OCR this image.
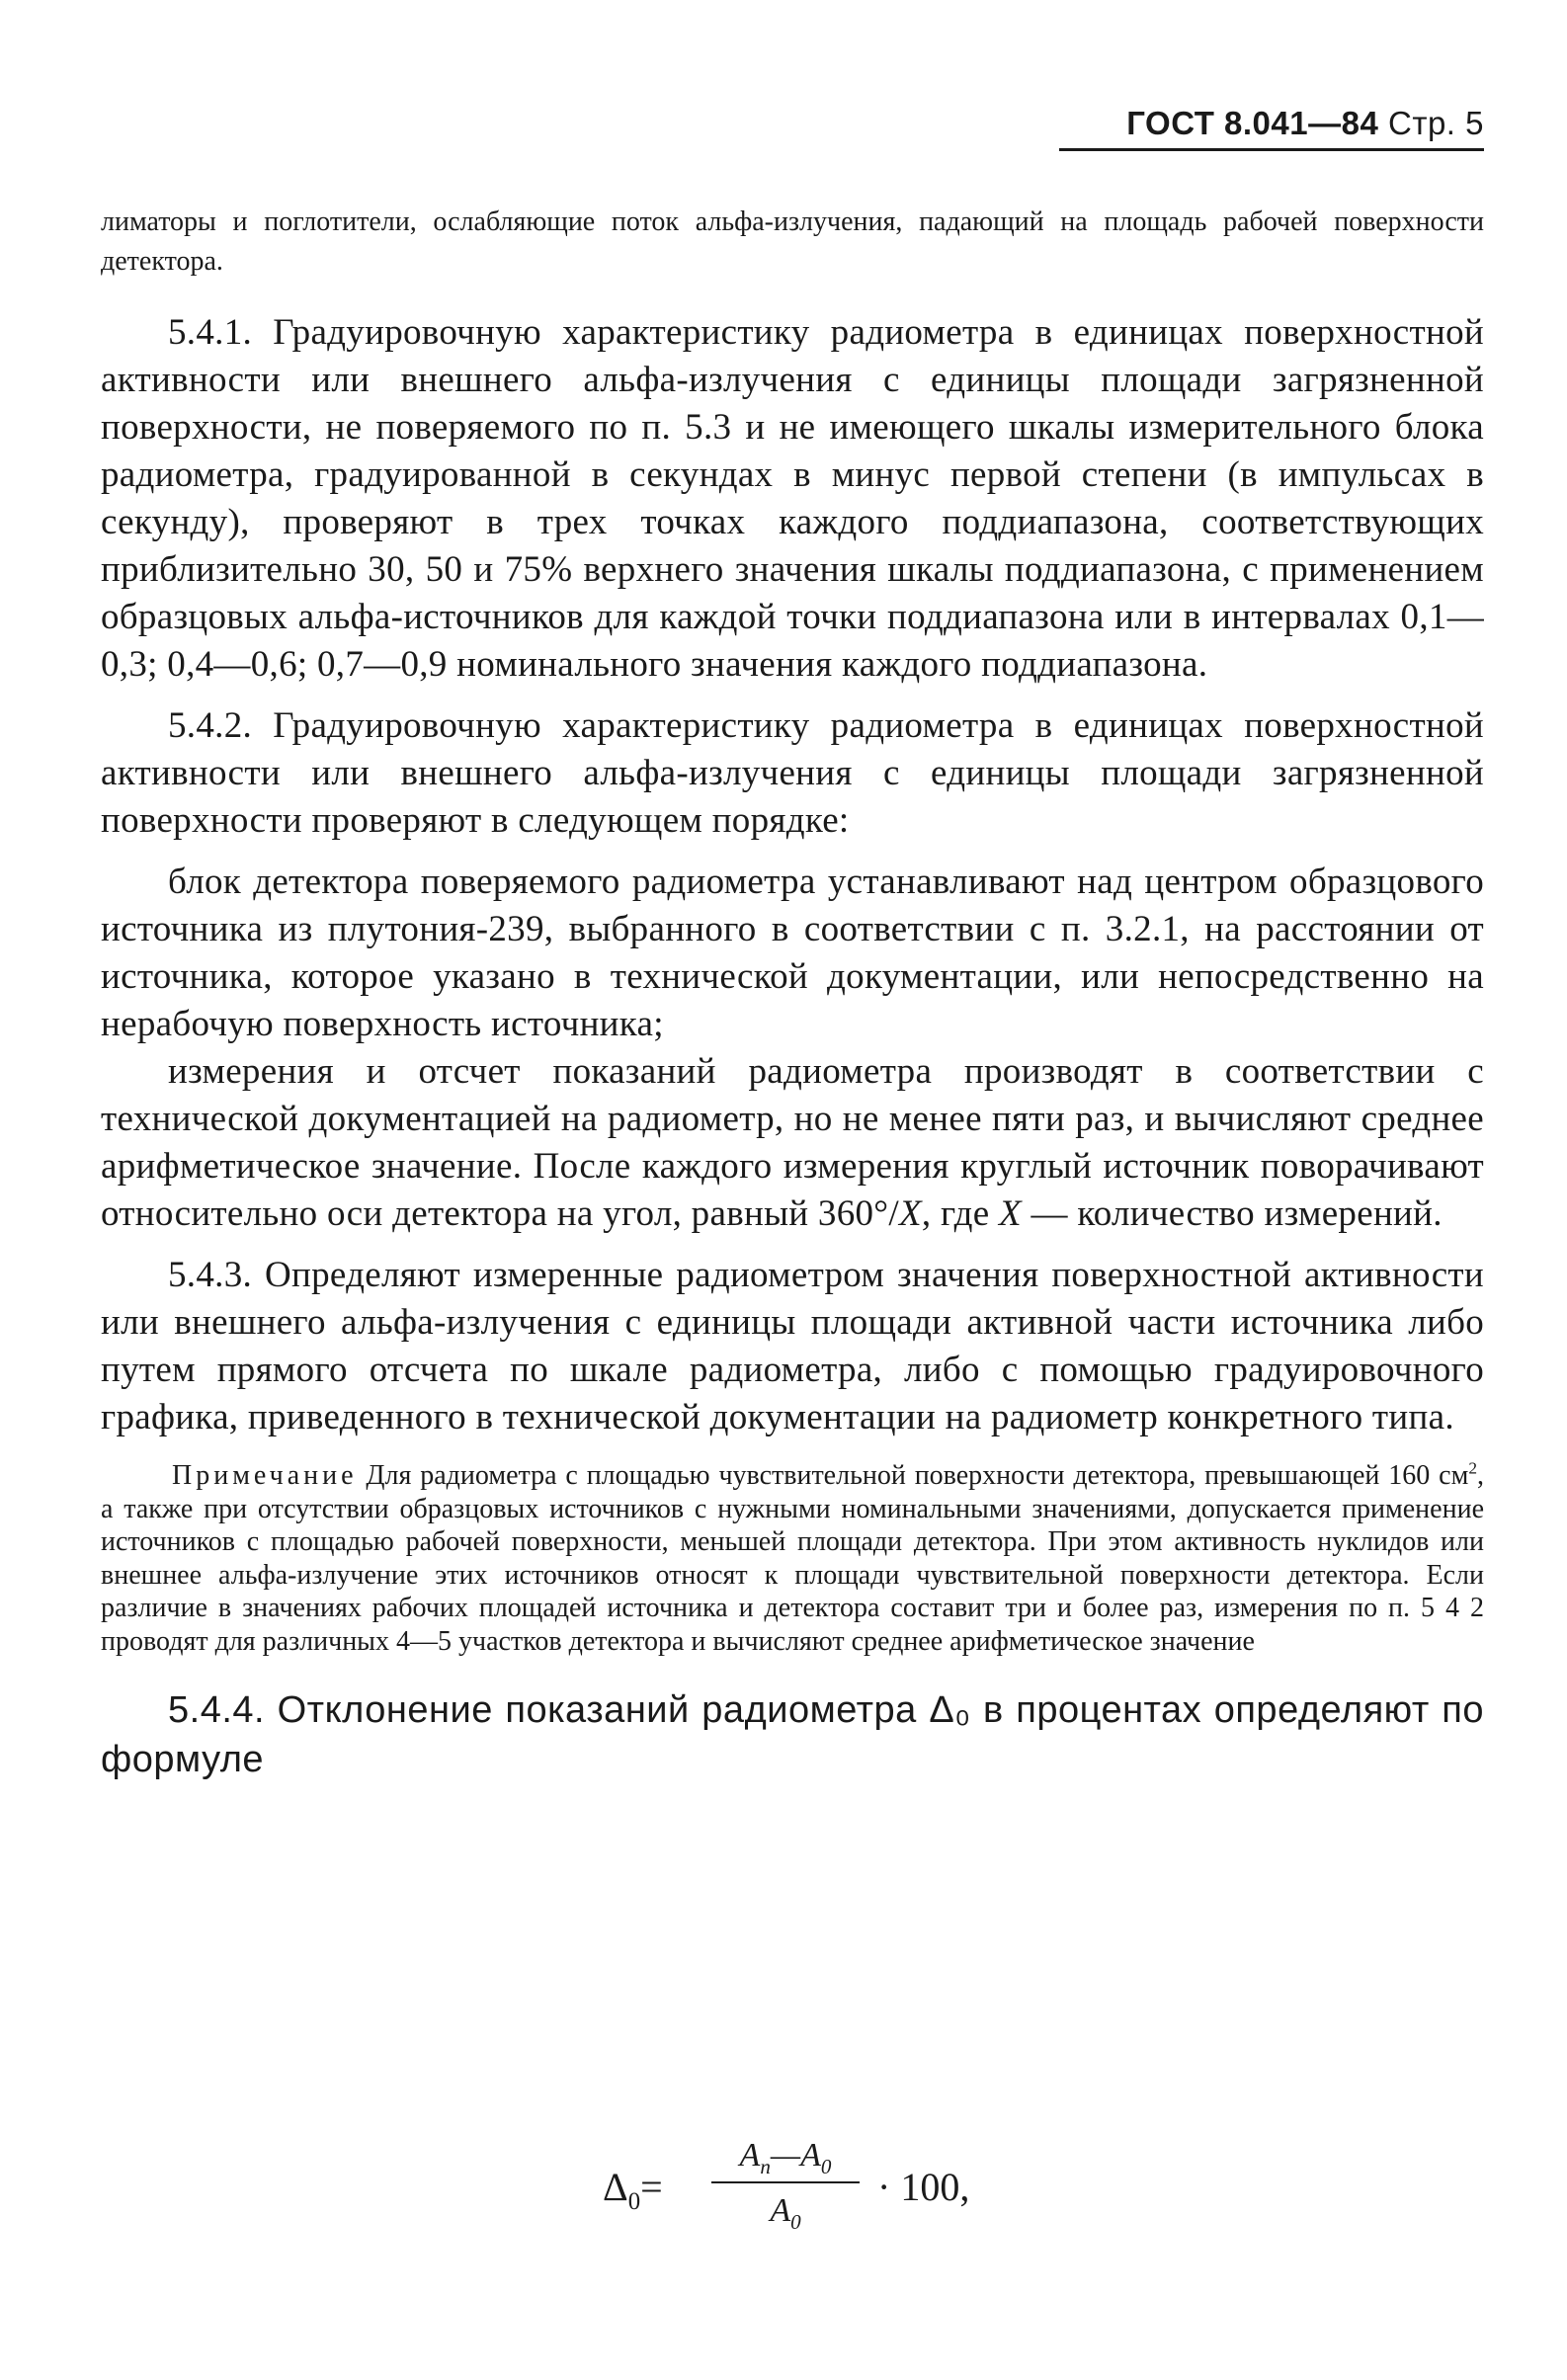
ГОСТ 8.041—84 Стр. 5

лиматоры и поглотители, ослабляющие поток альфа-излучения, падающий на площадь рабочей поверхности детектора.

5.4.1. Градуировочную характеристику радиометра в единицах поверхностной активности или внешнего альфа-излучения с единицы площади загрязненной поверхности, не поверяемого по п. 5.3 и не имеющего шкалы измерительного блока радиометра, градуированной в секундах в минус первой степени (в импульсах в секунду), проверяют в трех точках каждого поддиапазона, соответствующих приблизительно 30, 50 и 75% верхнего значения шкалы поддиапазона, с применением образцовых альфа-источников для каждой точки поддиапазона или в интервалах 0,1—0,3; 0,4—0,6; 0,7—0,9 номинального значения каждого поддиапазона.

5.4.2. Градуировочную характеристику радиометра в единицах поверхностной активности или внешнего альфа-излучения с единицы площади загрязненной поверхности проверяют в следующем порядке:

блок детектора поверяемого радиометра устанавливают над центром образцового источника из плутония-239, выбранного в соответствии с п. 3.2.1, на расстоянии от источника, которое указано в технической документации, или непосредственно на нерабочую поверхность источника;

измерения и отсчет показаний радиометра производят в соответствии с технической документацией на радиометр, но не менее пяти раз, и вычисляют среднее арифметическое значение. После каждого измерения круглый источник поворачивают относительно оси детектора на угол, равный 360°/X, где X — количество измерений.

5.4.3. Определяют измеренные радиометром значения поверхностной активности или внешнего альфа-излучения с единицы площади активной части источника либо путем прямого отсчета по шкале радиометра, либо с помощью градуировочного графика, приведенного в технической документации на радиометр конкретного типа.

Примечание Для радиометра с площадью чувствительной поверхности детектора, превышающей 160 $см^2$, а также при отсутствии образцовых источников с нужными номинальными значениями, допускается применение источников с площадью рабочей поверхности, меньшей площади детектора. При этом активность нуклидов или внешнее альфа-излучение этих источников относят к площади чувствительной поверхности детектора. Если различие в значениях рабочих площадей источника и детектора составит три и более раз, измерения по п. 5 4 2 проводят для различных 4—5 участков детектора и вычисляют среднее арифметическое значение

5.4.4. Отклонение показаний радиометра Δ₀ в процентах определяют по формуле

$\Delta_0=$
$A_п—A_0$
$A_0$
· 100,
